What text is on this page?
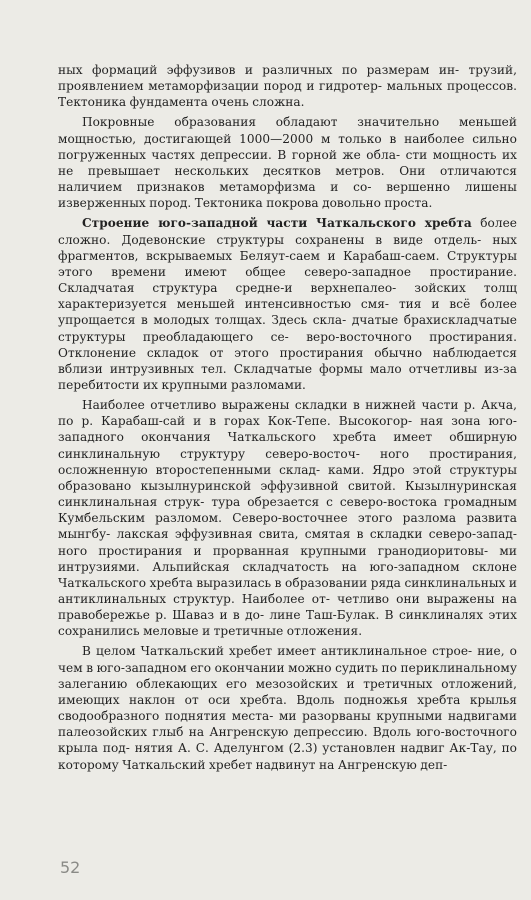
ных формаций эффузивов и различных по размерам ин- трузий, проявлением метаморфизации пород и гидротер- мальных процессов. Тектоника фундамента очень сложна.

Покровные образования обладают значительно меньшей мощностью, достигающей 1000—2000 м только в наиболее сильно погруженных частях депрессии. В горной же обла- сти мощность их не превышает нескольких десятков метров. Они отличаются наличием признаков метаморфизма и со- вершенно лишены изверженных пород. Тектоника покрова довольно проста.

Строение юго-западной части Чаткальского хребта более сложно. Додевонские структуры сохранены в виде отдель- ных фрагментов, вскрываемых Беляут-саем и Карабаш-саем. Структуры этого времени имеют общее северо-западное простирание. Складчатая структура средне-и верхнепалео- зойских толщ характеризуется меньшей интенсивностью смя- тия и всё более упрощается в молодых толщах. Здесь скла- дчатые брахискладчатые структуры преобладающего се- веро-восточного простирания. Отклонение складок от этого простирания обычно наблюдается вблизи интрузивных тел. Складчатые формы мало отчетливы из-за перебитости их крупными разломами.

Наиболее отчетливо выражены складки в нижней части р. Акча, по р. Карабаш-сай и в горах Кок-Тепе. Высокогор- ная зона юго-западного окончания Чаткальского хребта имеет обширную синклинальную структуру северо-восточ- ного простирания, осложненную второстепенными склад- ками. Ядро этой структуры образовано кызылнуринской эффузивной свитой. Кызылнуринская синклинальная струк- тура обрезается с северо-востока громадным Кумбельским разломом. Северо-восточнее этого разлома развита мынгбу- лакская эффузивная свита, смятая в складки северо-запад- ного простирания и прорванная крупными гранодиоритовы- ми интрузиями. Альпийская складчатость на юго-западном склоне Чаткальского хребта выразилась в образовании ряда синклинальных и антиклинальных структур. Наиболее от- четливо они выражены на правобережье р. Шаваз и в до- лине Таш-Булак. В синклиналях этих сохранились меловые и третичные отложения.

В целом Чаткальский хребет имеет антиклинальное строе- ние, о чем в юго-западном его окончании можно судить по периклинальному залеганию облекающих его мезозойских и третичных отложений, имеющих наклон от оси хребта. Вдоль подножья хребта крылья сводообразного поднятия места- ми разорваны крупными надвигами палеозойских глыб на Ангренскую депрессию. Вдоль юго-восточного крыла под- нятия А. С. Аделунгом (2.3) установлен надвиг Ак-Тау, по которому Чаткальский хребет надвинут на Ангренскую деп-

52
